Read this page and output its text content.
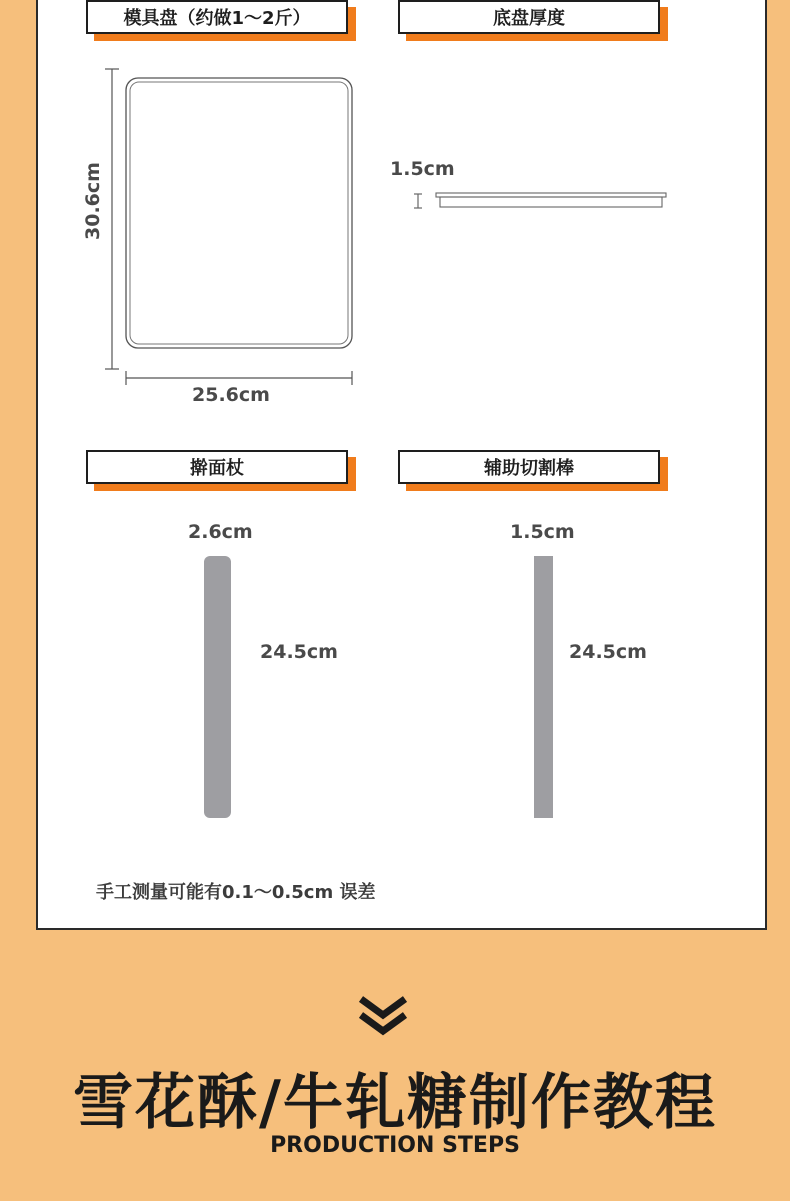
模具盘（约做1～2斤）	底盘厚度
擀面杖	辅助切割棒
30.6cm
25.6cm
1.5cm
2.6cm
24.5cm
1.5cm
24.5cm
手工测量可能有0.1～0.5cm 误差
雪花酥/牛轧糖制作教程
PRODUCTION STEPS
